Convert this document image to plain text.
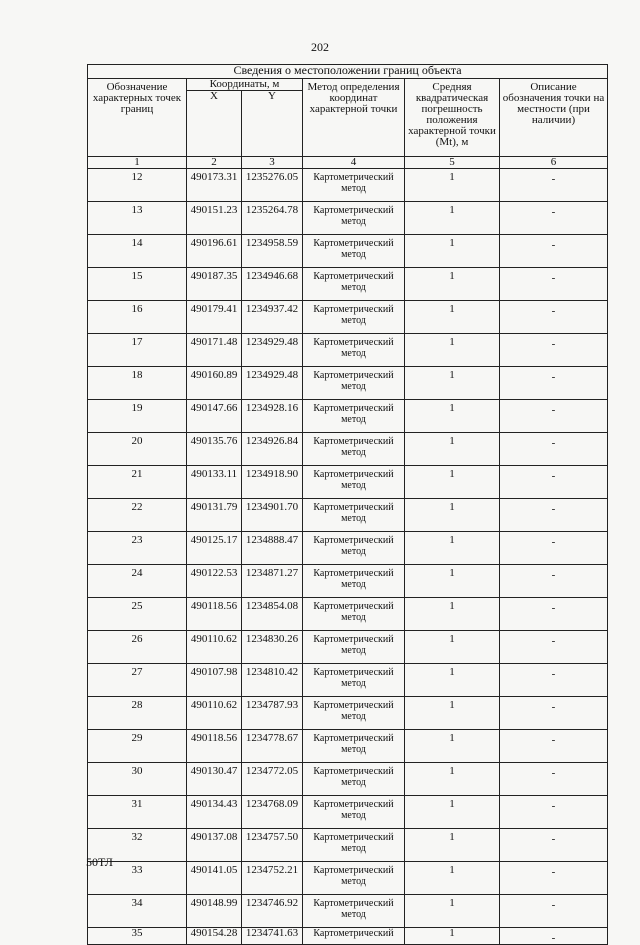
202
Сведения о местоположении границ объекта					
Обозначение характерных точек границ	Координаты, м		Метод определения координат характерной точки	Средняя квадратическая погрешность положения характерной точки (Mt), м	Описание обозначения точки на местности (при наличии)
	X	Y			
1	2	3	4	5	6
12	490173.31	1235276.05	Картометрический метод	1	-
13	490151.23	1235264.78	Картометрический метод	1	-
14	490196.61	1234958.59	Картометрический метод	1	-
15	490187.35	1234946.68	Картометрический метод	1	-
16	490179.41	1234937.42	Картометрический метод	1	-
17	490171.48	1234929.48	Картометрический метод	1	-
18	490160.89	1234929.48	Картометрический метод	1	-
19	490147.66	1234928.16	Картометрический метод	1	-
20	490135.76	1234926.84	Картометрический метод	1	-
21	490133.11	1234918.90	Картометрический метод	1	-
22	490131.79	1234901.70	Картометрический метод	1	-
23	490125.17	1234888.47	Картометрический метод	1	-
24	490122.53	1234871.27	Картометрический метод	1	-
25	490118.56	1234854.08	Картометрический метод	1	-
26	490110.62	1234830.26	Картометрический метод	1	-
27	490107.98	1234810.42	Картометрический метод	1	-
28	490110.62	1234787.93	Картометрический метод	1	-
29	490118.56	1234778.67	Картометрический метод	1	-
30	490130.47	1234772.05	Картометрический метод	1	-
31	490134.43	1234768.09	Картометрический метод	1	-
32	490137.08	1234757.50	Картометрический метод	1	-
33	490141.05	1234752.21	Картометрический метод	1	-
34	490148.99	1234746.92	Картометрический метод	1	-
35	490154.28	1234741.63	Картометрический	1	-
50ТЛ
